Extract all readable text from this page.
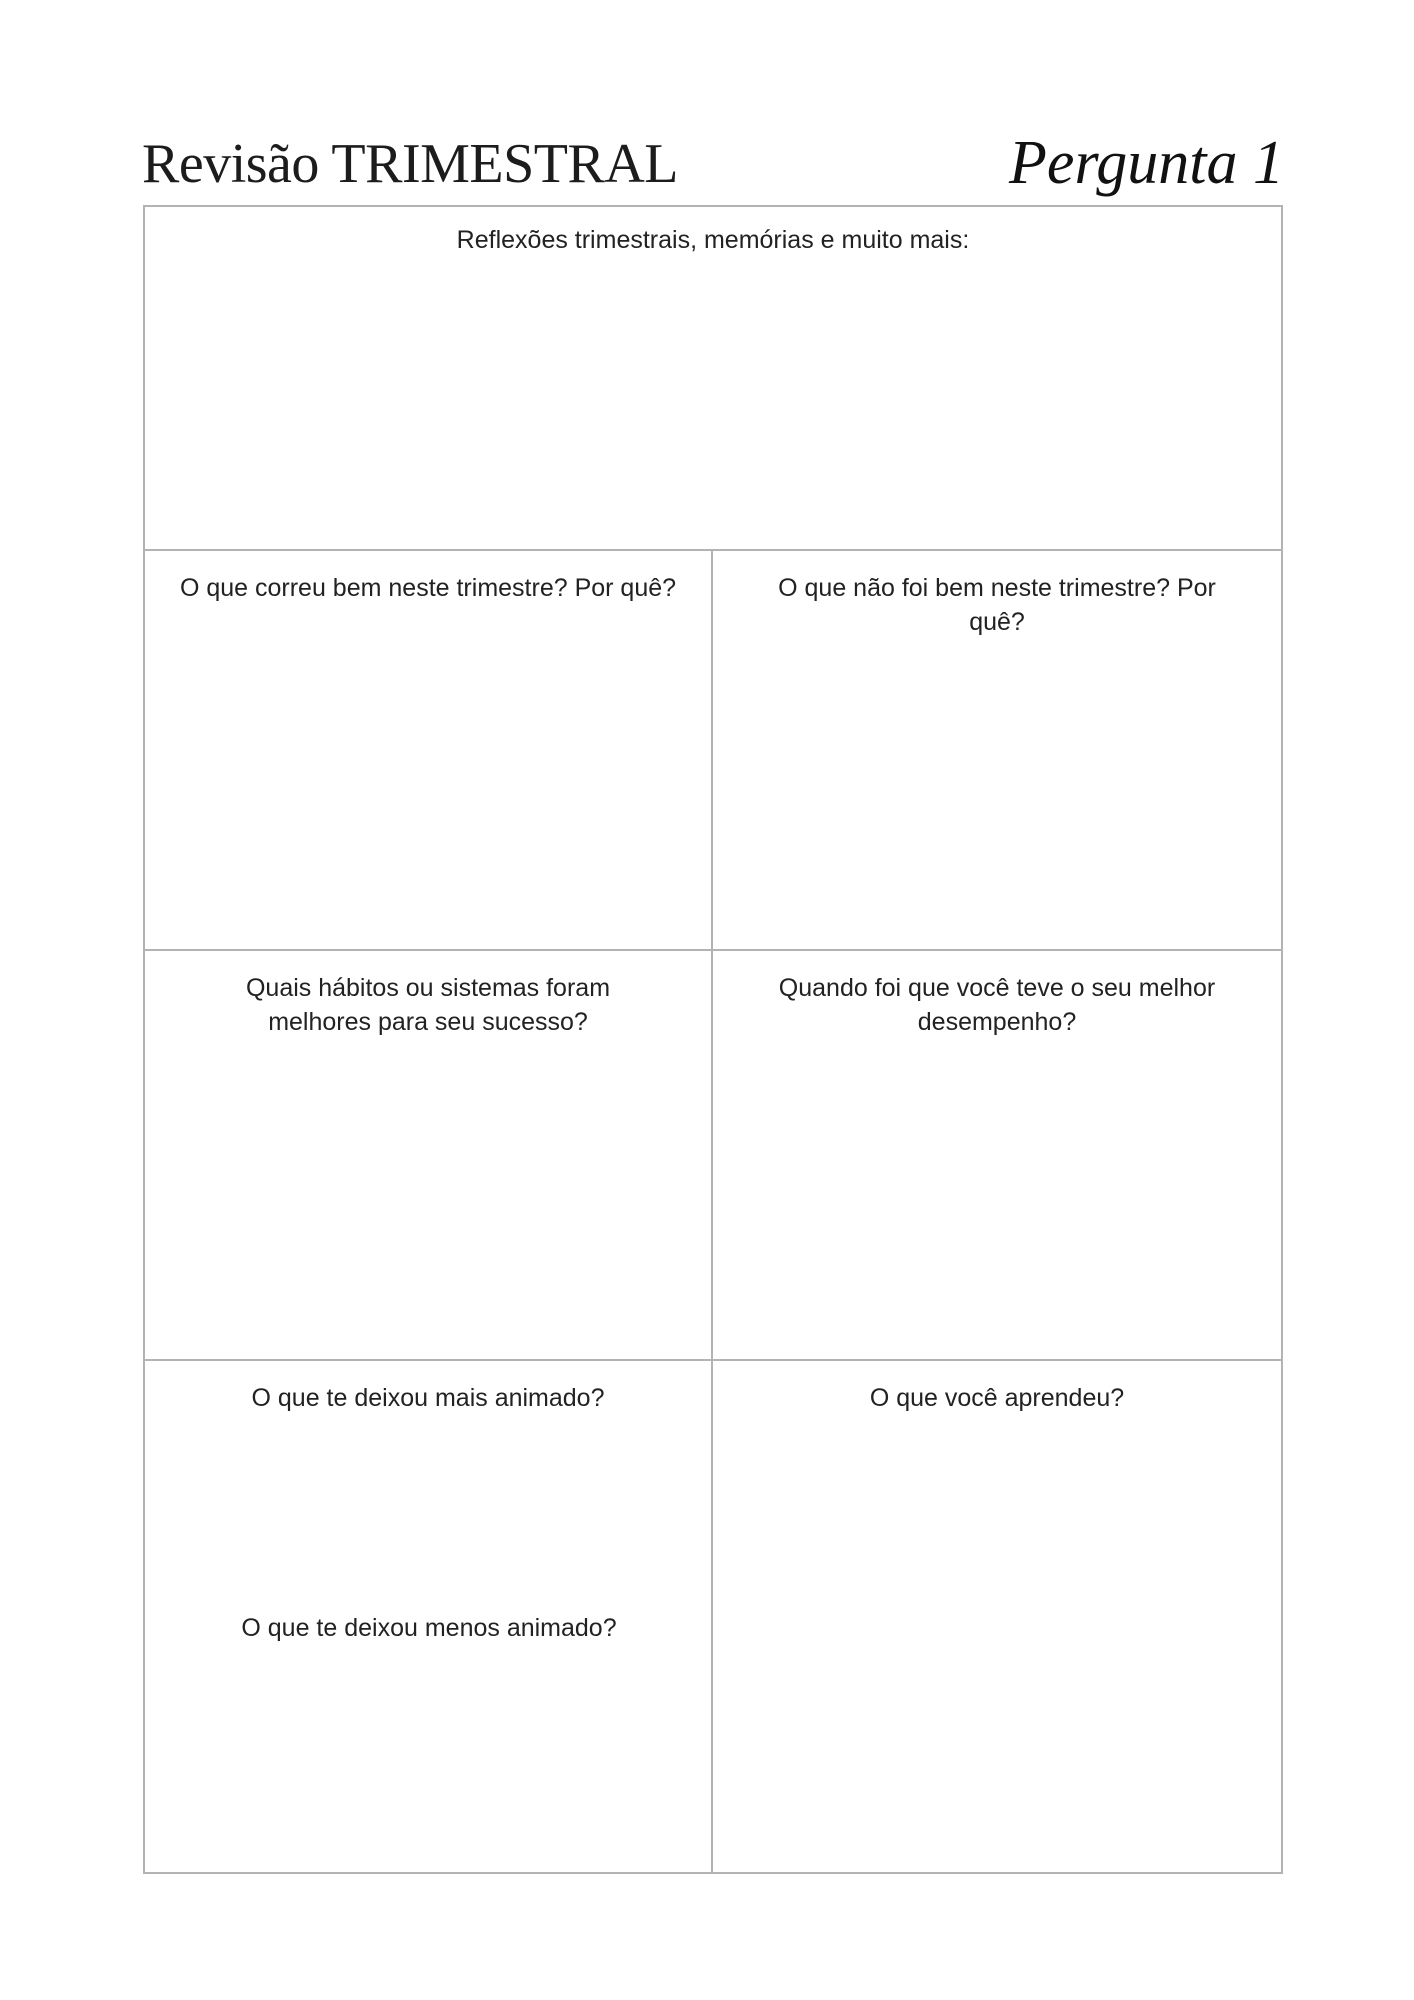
Revisão TRIMESTRAL	Pergunta 1
Reflexões trimestrais, memórias e muito mais:
O que correu bem neste trimestre? Por quê?	O que não foi bem neste trimestre? Por quê?
Quais hábitos ou sistemas foram melhores para seu sucesso?
Quando foi que você teve o seu melhor desempenho?
O que te deixou mais animado?
O que te deixou menos animado?
O que você aprendeu?
